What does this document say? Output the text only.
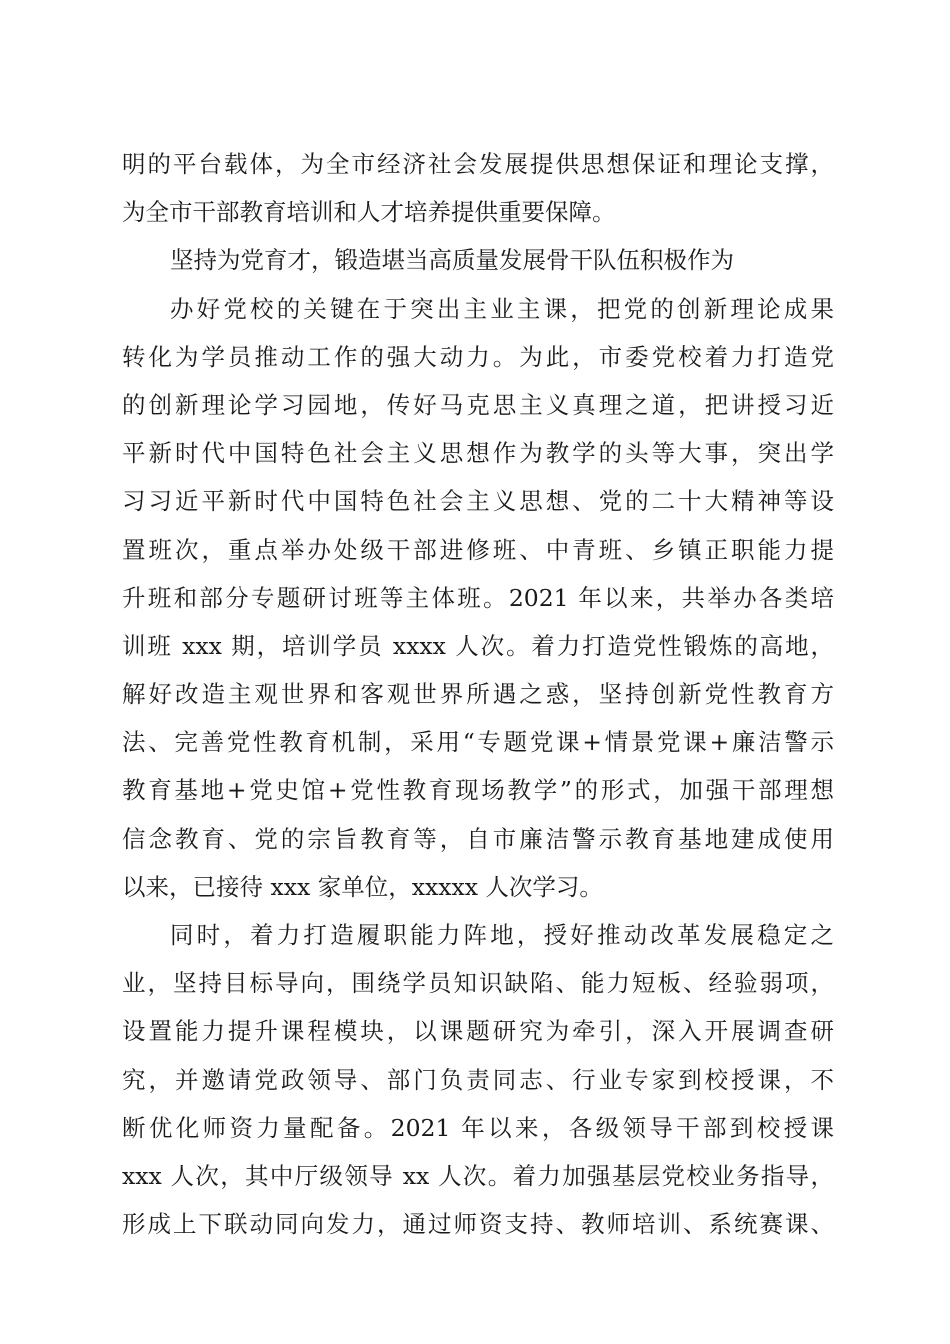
明的平台载体，为全市经济社会发展提供思想保证和理论支撑，
为全市干部教育培训和人才培养提供重要保障。
坚持为党育才，锻造堪当高质量发展骨干队伍积极作为
办好党校的关键在于突出主业主课，把党的创新理论成果
转化为学员推动工作的强大动力。为此，市委党校着力打造党
的创新理论学习园地，传好马克思主义真理之道，把讲授习近
平新时代中国特色社会主义思想作为教学的头等大事，突出学
习习近平新时代中国特色社会主义思想、党的二十大精神等设
置班次，重点举办处级干部进修班、中青班、乡镇正职能力提
升班和部分专题研讨班等主体班。2021 年以来，共举办各类培
训班 xxx 期，培训学员 xxxx 人次。着力打造党性锻炼的高地，
解好改造主观世界和客观世界所遇之惑，坚持创新党性教育方
法、完善党性教育机制，采用“专题党课+情景党课+廉洁警示
教育基地+党史馆+党性教育现场教学”的形式，加强干部理想
信念教育、党的宗旨教育等，自市廉洁警示教育基地建成使用
以来，已接待 xxx 家单位，xxxxx 人次学习。
同时，着力打造履职能力阵地，授好推动改革发展稳定之
业，坚持目标导向，围绕学员知识缺陷、能力短板、经验弱项，
设置能力提升课程模块，以课题研究为牵引，深入开展调查研
究，并邀请党政领导、部门负责同志、行业专家到校授课，不
断优化师资力量配备。2021 年以来，各级领导干部到校授课
xxx 人次，其中厅级领导 xx 人次。着力加强基层党校业务指导，
形成上下联动同向发力，通过师资支持、教师培训、系统赛课、
